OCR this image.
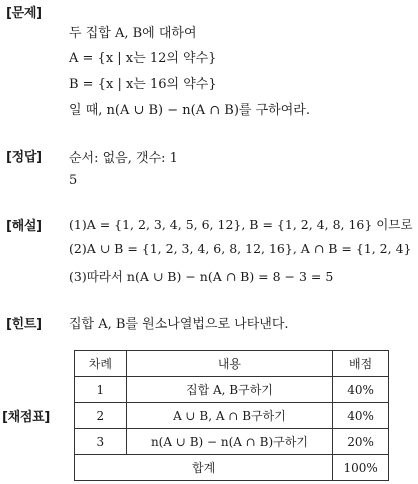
[문제]
두 집합 A, B에 대하여
A = {x | x는 12의 약수}
B = {x | x는 16의 약수}
일 때, n(A ∪ B) − n(A ∩ B)를 구하여라.
[정답] 순서: 없음, 갯수: 1
5
[해설] (1)A = {1, 2, 3, 4, 5, 6, 12}, B = {1, 2, 4, 8, 16} 이므로
(2)A ∪ B = {1, 2, 3, 4, 6, 8, 12, 16}, A ∩ B = {1, 2, 4}
(3)따라서 n(A ∪ B) − n(A ∩ B) = 8 − 3 = 5
[힌트] 집합 A, B를 원소나열법으로 나타낸다.
[채점표]
차례	내용	배점
1	집합 A, B구하기	40%
2	A ∪ B, A ∩ B구하기	40%
3	n(A ∪ B) − n(A ∩ B)구하기	20%
합계		100%
